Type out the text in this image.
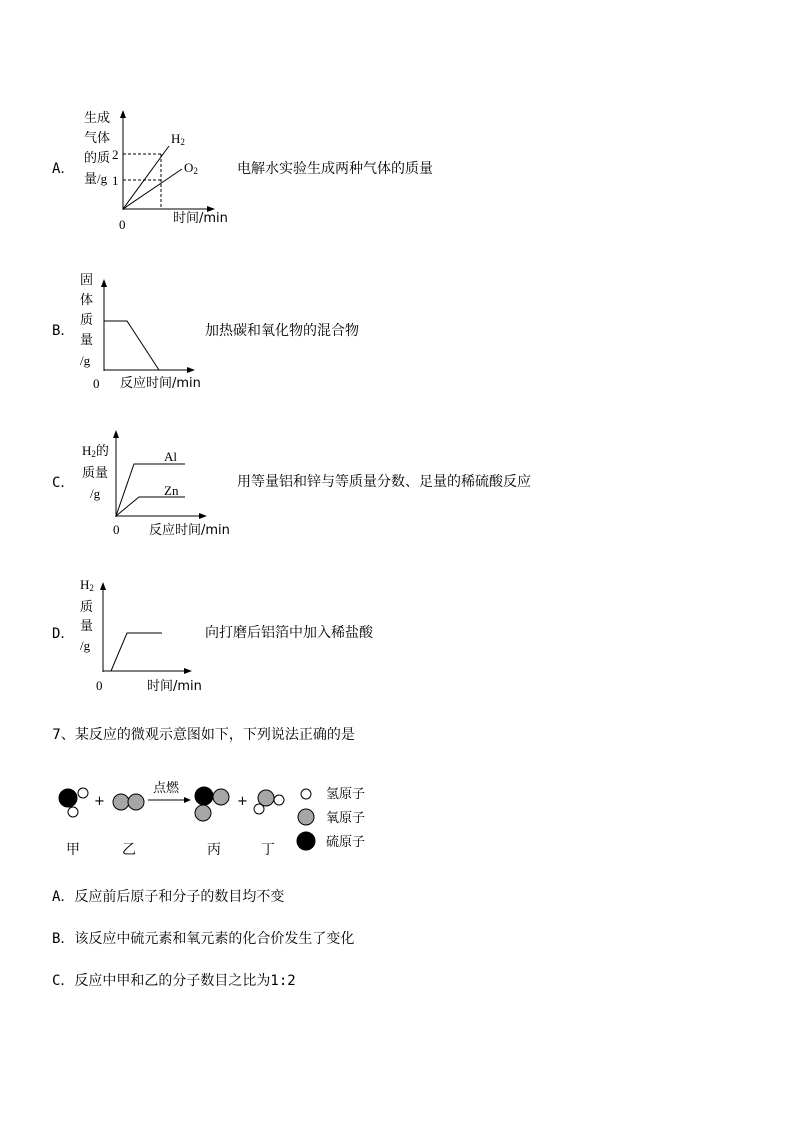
A．
生成
气体
的质
量/g
2
1
0	时间/min
$H_2$
$O_2$	电解水实验生成两种气体的质量
B．
固
体
质
量
/g
0 反应时间/min
加热碳和氧化物的混合物
C．
$H_2$的
质量
/g
0 反应时间/min
Al
Zn
用等量铝和锌与等质量分数、足量的稀硫酸反应
D．
$H_2$
质
量
/g
0	时间/min
向打磨后铝箔中加入稀盐酸
7、某反应的微观示意图如下，下列说法正确的是
+	+
点燃	氢原子
氧原子
硫原子
甲	乙	丙	丁
A．反应前后原子和分子的数目均不变
B．该反应中硫元素和氧元素的化合价发生了变化
C．反应中甲和乙的分子数目之比为1:2
